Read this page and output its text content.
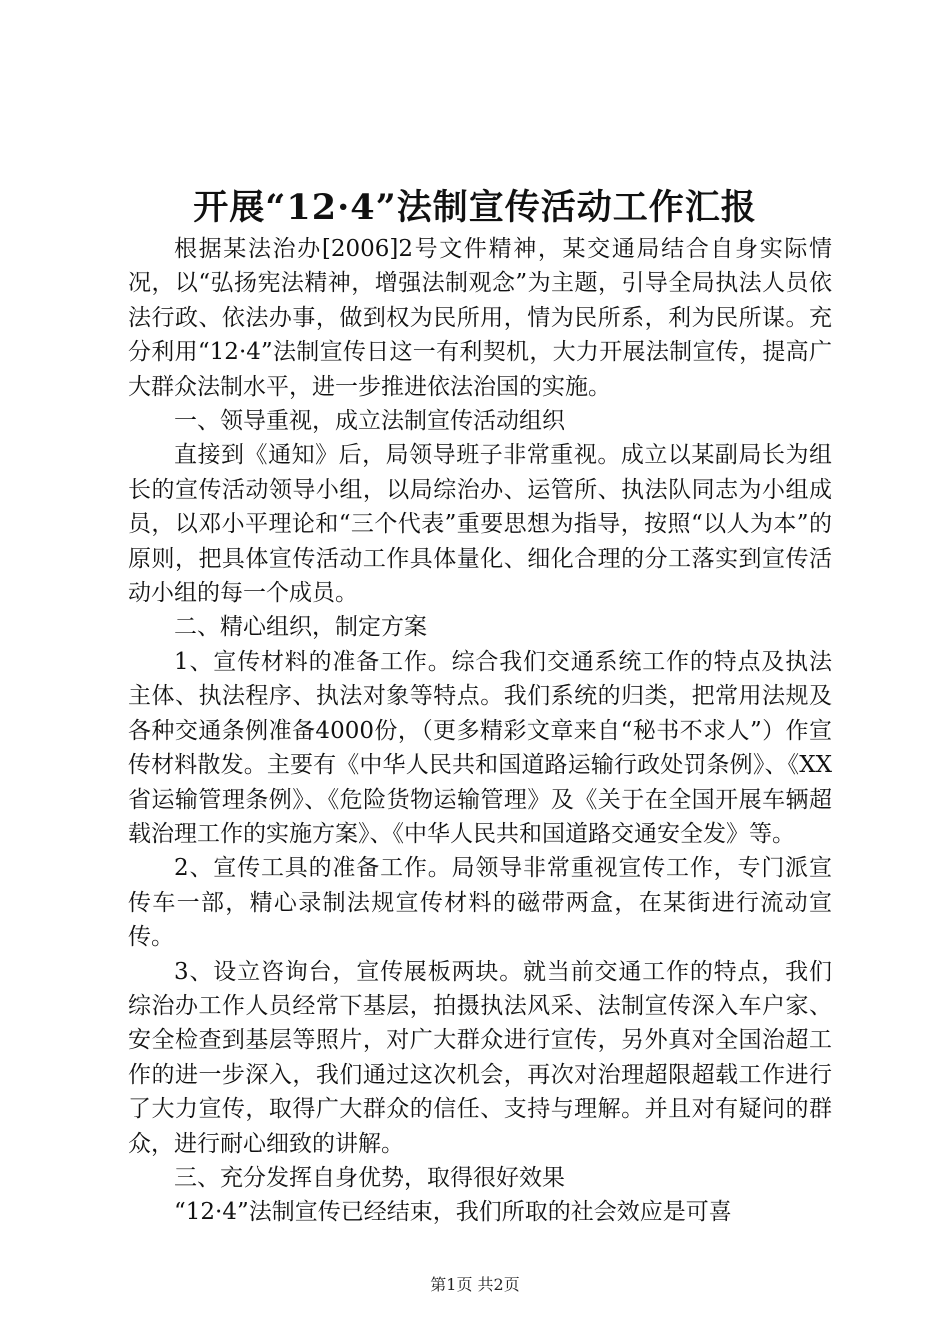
开展“12·4”法制宣传活动工作汇报

根据某法治办[2006]2号文件精神，某交通局结合自身实际情况，以“弘扬宪法精神，增强法制观念”为主题，引导全局执法人员依法行政、依法办事，做到权为民所用，情为民所系，利为民所谋。充分利用“12·4”法制宣传日这一有利契机，大力开展法制宣传，提高广大群众法制水平，进一步推进依法治国的实施。

一、领导重视，成立法制宣传活动组织

直接到《通知》后，局领导班子非常重视。成立以某副局长为组长的宣传活动领导小组，以局综治办、运管所、执法队同志为小组成员，以邓小平理论和“三个代表”重要思想为指导，按照“以人为本”的原则，把具体宣传活动工作具体量化、细化合理的分工落实到宣传活动小组的每一个成员。

二、精心组织，制定方案

1、宣传材料的准备工作。综合我们交通系统工作的特点及执法主体、执法程序、执法对象等特点。我们系统的归类，把常用法规及各种交通条例准备4000份，（更多精彩文章来自“秘书不求人”）作宣传材料散发。主要有《中华人民共和国道路运输行政处罚条例》、《XX省运输管理条例》、《危险货物运输管理》及《关于在全国开展车辆超载治理工作的实施方案》、《中华人民共和国道路交通安全发》等。

2、宣传工具的准备工作。局领导非常重视宣传工作，专门派宣传车一部，精心录制法规宣传材料的磁带两盒，在某街进行流动宣传。

3、设立咨询台，宣传展板两块。就当前交通工作的特点，我们综治办工作人员经常下基层，拍摄执法风采、法制宣传深入车户家、安全检查到基层等照片，对广大群众进行宣传，另外真对全国治超工作的进一步深入，我们通过这次机会，再次对治理超限超载工作进行了大力宣传，取得广大群众的信任、支持与理解。并且对有疑问的群众，进行耐心细致的讲解。

三、充分发挥自身优势，取得很好效果

“12·4”法制宣传已经结束，我们所取的社会效应是可喜

第1页 共2页
